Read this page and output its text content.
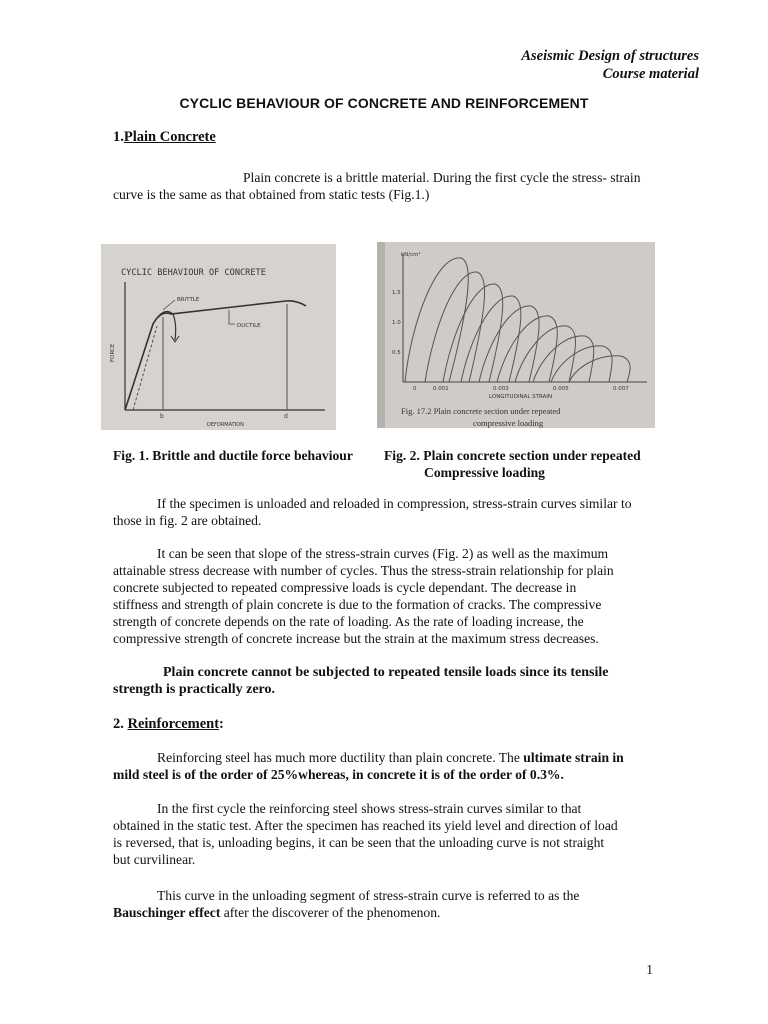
Aseismic Design of structures
Course material
CYCLIC BEHAVIOUR OF CONCRETE AND REINFORCEMENT
1.Plain Concrete
Plain concrete is a brittle material. During the first cycle the stress- strain
curve is the same as that obtained from static tests (Fig.1.)
CYCLIC BEHAVIOUR OF CONCRETE
BRITTLE
DUCTILE
FORCE
b	d
DEFORMATION
kN/cm²
1.5
1.0
0.5
0	0.001	0.003	0.005	0.007
LONGITUDINAL STRAIN
Fig. 17.2 Plain concrete section under repeated
compressive loading
Fig. 1. Brittle and ductile force behaviour Fig. 2. Plain concrete section under repeated
Compressive loading
If the specimen is unloaded and reloaded in compression, stress-strain curves similar to
those in fig. 2 are obtained.
It can be seen that slope of the stress-strain curves (Fig. 2) as well as the maximum
attainable stress decrease with number of cycles. Thus the stress-strain relationship for plain
concrete subjected to repeated compressive loads is cycle dependant. The decrease in
stiffness and strength of plain concrete is due to the formation of cracks. The compressive
strength of concrete depends on the rate of loading. As the rate of loading increase, the
compressive strength of concrete increase but the strain at the maximum stress decreases.
Plain concrete cannot be subjected to repeated tensile loads since its tensile
strength is practically zero.
2. Reinforcement:
Reinforcing steel has much more ductility than plain concrete. The ultimate strain in
mild steel is of the order of 25%whereas, in concrete it is of the order of 0.3%.
In the first cycle the reinforcing steel shows stress-strain curves similar to that
obtained in the static test. After the specimen has reached its yield level and direction of load
is reversed, that is, unloading begins, it can be seen that the unloading curve is not straight
but curvilinear.
This curve in the unloading segment of stress-strain curve is referred to as the
Bauschinger effect after the discoverer of the phenomenon.
1
